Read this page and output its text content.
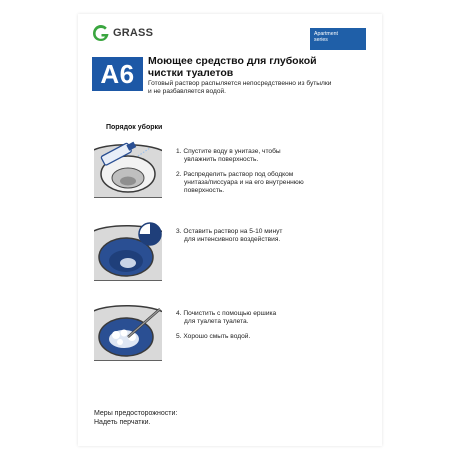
GRASS	Apartment
series
А6	Моющее средство для глубокой
чистки туалетов
Готовый раствор распыляется непосредственно из бутылки
и не разбавляется водой.
Порядок уборки

1. Спустите воду в унитазе, чтобы
увлажнить поверхность.

2. Распределить раствор под ободком
унитаза/писсуара и на его внутреннюю
поверхность.

3. Оставить раствор на 5-10 минут
для интенсивного воздействия.

4. Почистить с помощью ершика
для туалета туалета.

5. Хорошо смыть водой.

Меры предосторожности:
Надеть перчатки.
